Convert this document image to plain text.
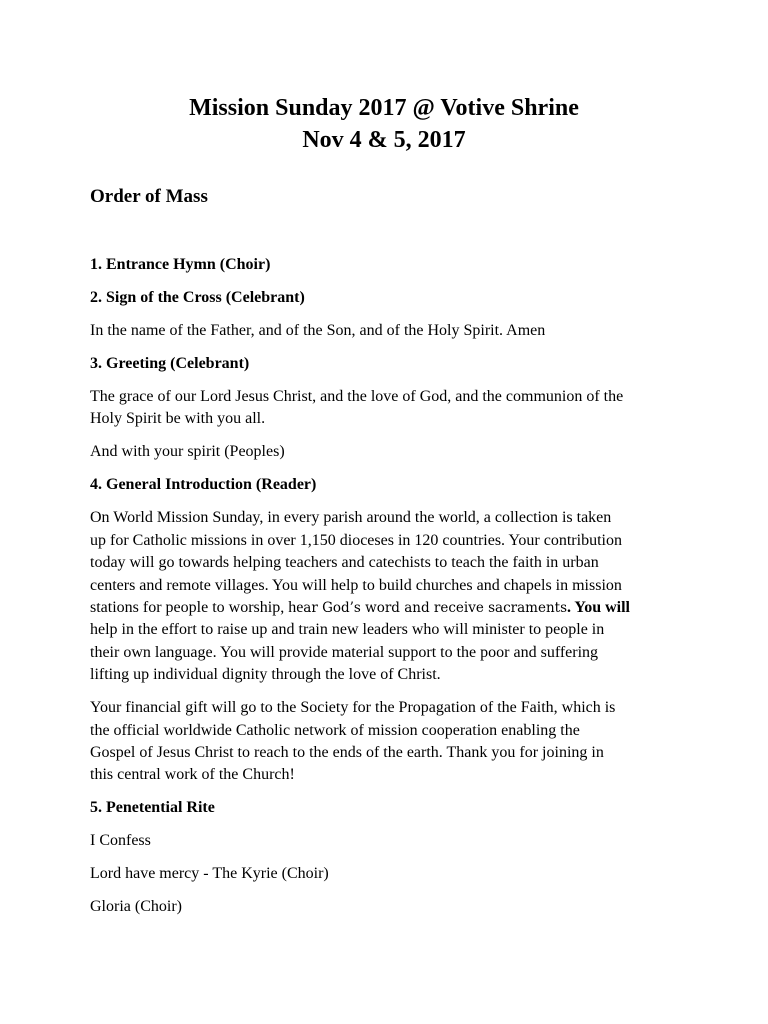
Mission Sunday 2017 @ Votive Shrine
Nov 4 & 5, 2017
Order of Mass
1. Entrance Hymn (Choir)
2. Sign of the Cross (Celebrant)
In the name of the Father, and of the Son, and of the Holy Spirit. Amen
3. Greeting (Celebrant)
The grace of our Lord Jesus Christ, and the love of God, and the communion of the
Holy Spirit be with you all.
And with your spirit (Peoples)
4. General Introduction (Reader)
On World Mission Sunday, in every parish around the world, a collection is taken
up for Catholic missions in over 1,150 dioceses in 120 countries. Your contribution
today will go towards helping teachers and catechists to teach the faith in urban
centers and remote villages. You will help to build churches and chapels in mission
stations for people to worship, hear God’s word and receive sacraments. You will
help in the effort to raise up and train new leaders who will minister to people in
their own language. You will provide material support to the poor and suffering
lifting up individual dignity through the love of Christ.
Your financial gift will go to the Society for the Propagation of the Faith, which is
the official worldwide Catholic network of mission cooperation enabling the
Gospel of Jesus Christ to reach to the ends of the earth. Thank you for joining in
this central work of the Church!
5. Penetential Rite
I Confess
Lord have mercy - The Kyrie (Choir)
Gloria (Choir)
